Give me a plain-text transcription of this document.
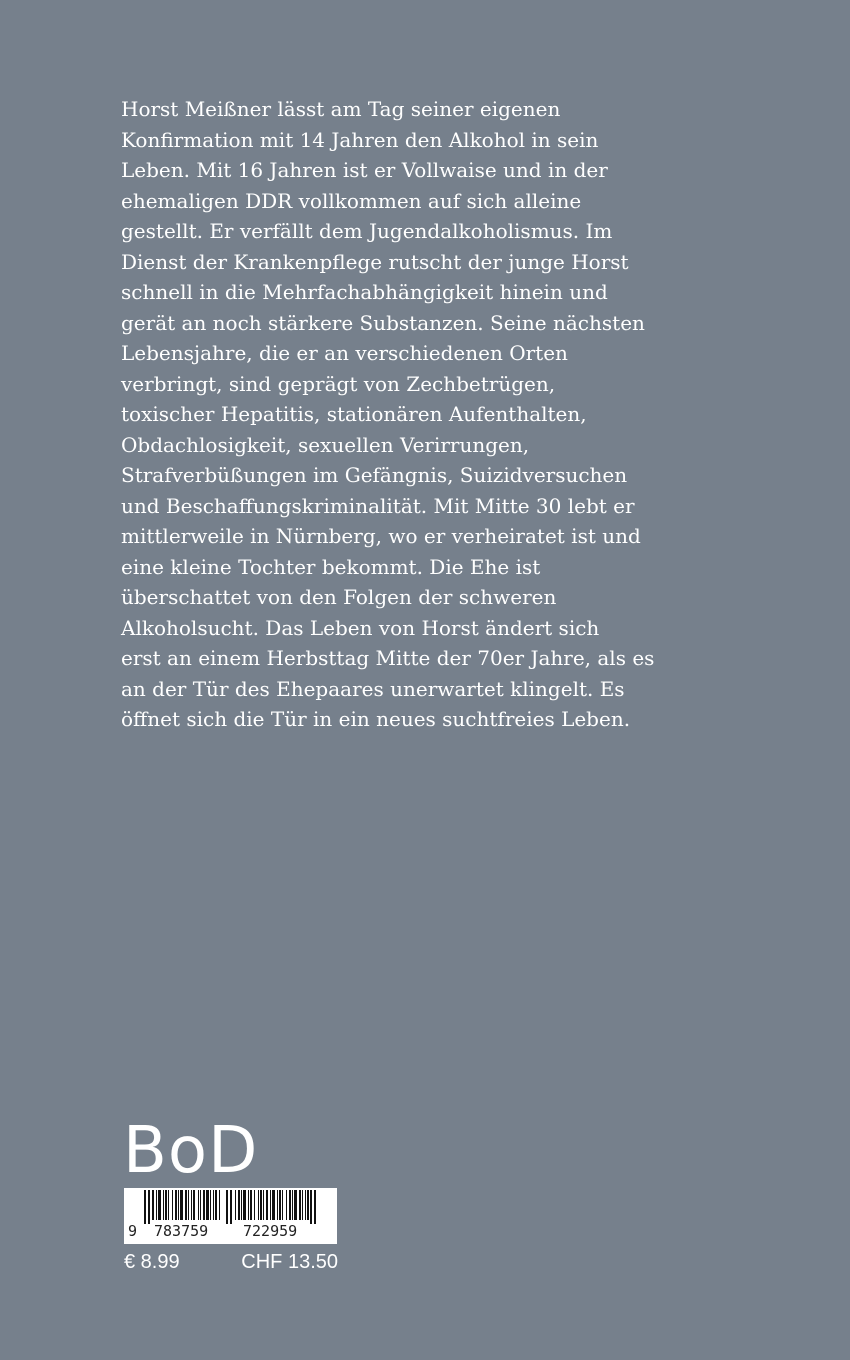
Horst Meißner lässt am Tag seiner eigenen
Konfirmation mit 14 Jahren den Alkohol in sein
Leben. Mit 16 Jahren ist er Vollwaise und in der
ehemaligen DDR vollkommen auf sich alleine
gestellt. Er verfällt dem Jugendalkoholismus. Im
Dienst der Krankenpflege rutscht der junge Horst
schnell in die Mehrfachabhängigkeit hinein und
gerät an noch stärkere Substanzen. Seine nächsten
Lebensjahre, die er an verschiedenen Orten
verbringt, sind geprägt von Zechbetrügen,
toxischer Hepatitis, stationären Aufenthalten,
Obdachlosigkeit, sexuellen Verirrungen,
Strafverbüßungen im Gefängnis, Suizidversuchen
und Beschaffungskriminalität. Mit Mitte 30 lebt er
mittlerweile in Nürnberg, wo er verheiratet ist und
eine kleine Tochter bekommt. Die Ehe ist
überschattet von den Folgen der schweren
Alkoholsucht. Das Leben von Horst ändert sich
erst an einem Herbsttag Mitte der 70er Jahre, als es
an der Tür des Ehepaares unerwartet klingelt. Es
öffnet sich die Tür in ein neues suchtfreies Leben.
BoD
9 783759 722959
€ 8.99	CHF 13.50
